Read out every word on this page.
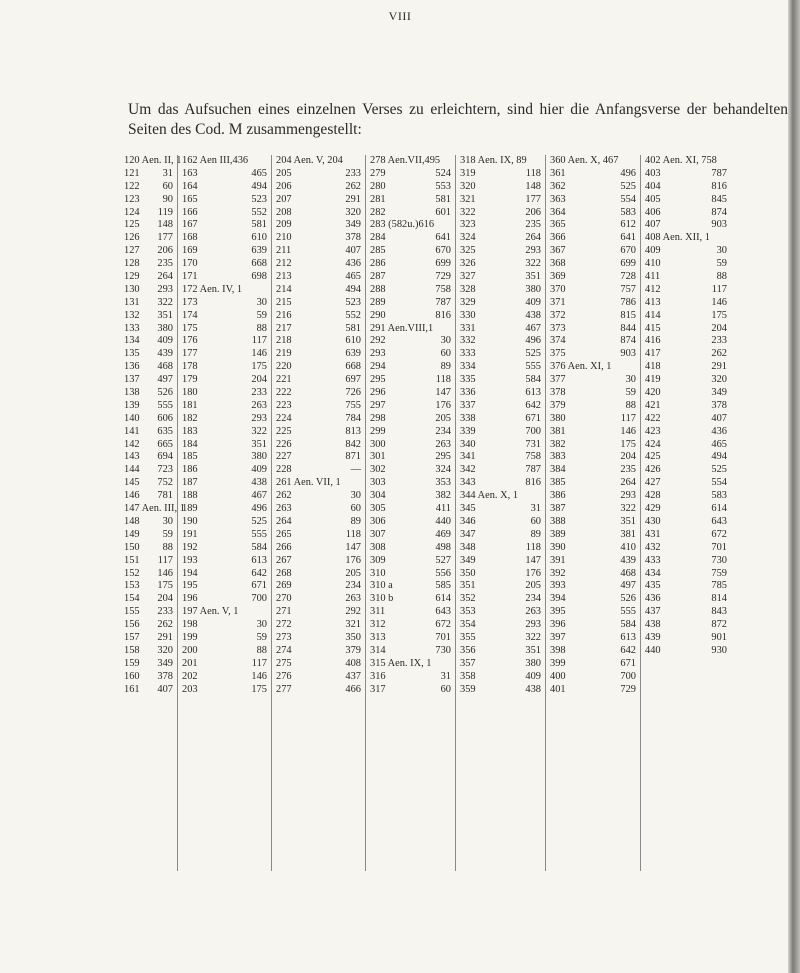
VIII
Um das Aufsuchen eines einzelnen Verses zu erleichtern, sind hier die Anfangsverse der behandelten Seiten des Cod. M zusammengestellt:
120 Aen. II, 1
121 31
122 60
123 90
124 119
125 148
126 177
127 206
128 235
129 264
130 293
131 322
132 351
133 380
134 409
135 439
136 468
137 497
138 526
139 555
140 606
141 635
142 665
143 694
144 723
145 752
146 781
147 Aen. III, 1
148 30
149 59
150 88
151 117
152 146
153 175
154 204
155 233
156 262
157 291
158 320
159 349
160 378
161 407
162 Aen III,436
163	465
164	494
165	523
166	552
167	581
168	610
169	639
170	668
171	698
172 Aen. IV, 1
173	30
174	59
175	88
176	117
177	146
178	175
179	204
180	233
181	263
182	293
183	322
184	351
185	380
186	409
187	438
188	467
189	496
190	525
191	555
192	584
193	613
194	642
195	671
196	700
197 Aen. V, 1
198	30
199	59
200	88
201	117
202	146
203	175
204 Aen. V, 204
205	233
206	262
207	291
208	320
209	349
210	378
211	407
212	436
213	465
214	494
215	523
216	552
217	581
218	610
219	639
220	668
221	697
222	726
223	755
224	784
225	813
226	842
227	871
228	—
261 Aen. VII, 1
262	30
263	60
264	89
265	118
266	147
267	176
268	205
269	234
270	263
271	292
272	321
273	350
274	379
275	408
276	437
277	466
278 Aen.VII,495
279	524
280	553
281	581
282	601
283 (582u.)616
284	641
285	670
286	699
287	729
288	758
289	787
290	816
291 Aen.VIII,1
292	30
293	60
294	89
295	118
296	147
297	176
298	205
299	234
300	263
301	295
302	324
303	353
304	382
305	411
306	440
307	469
308	498
309	527
310	556
310 a	585
310 b	614
311	643
312	672
313	701
314	730
315 Aen. IX, 1
316	31
317	60
318 Aen. IX, 89
319	118
320	148
321	177
322	206
323	235
324	264
325	293
326	322
327	351
328	380
329	409
330	438
331	467
332	496
333	525
334	555
335	584
336	613
337	642
338	671
339	700
340	731
341	758
342	787
343	816
344 Aen. X, 1
345	31
346	60
347	89
348	118
349	147
350	176
351	205
352	234
353	263
354	293
355	322
356	351
357	380
358	409
359	438
360 Aen. X, 467
361	496
362	525
363	554
364	583
365	612
366	641
367	670
368	699
369	728
370	757
371	786
372	815
373	844
374	874
375	903
376 Aen. XI, 1
377	30
378	59
379	88
380	117
381	146
382	175
383	204
384	235
385	264
386	293
387	322
388	351
389	381
390	410
391	439
392	468
393	497
394	526
395	555
396	584
397	613
398	642
399	671
400	700
401	729
402 Aen. XI, 758
403	787
404	816
405	845
406	874
407	903
408 Aen. XII, 1
409	30
410	59
411	88
412	117
413	146
414	175
415	204
416	233
417	262
418	291
419	320
420	349
421	378
422	407
423	436
424	465
425	494
426	525
427	554
428	583
429	614
430	643
431	672
432	701
433	730
434	759
435	785
436	814
437	843
438	872
439	901
440	930
